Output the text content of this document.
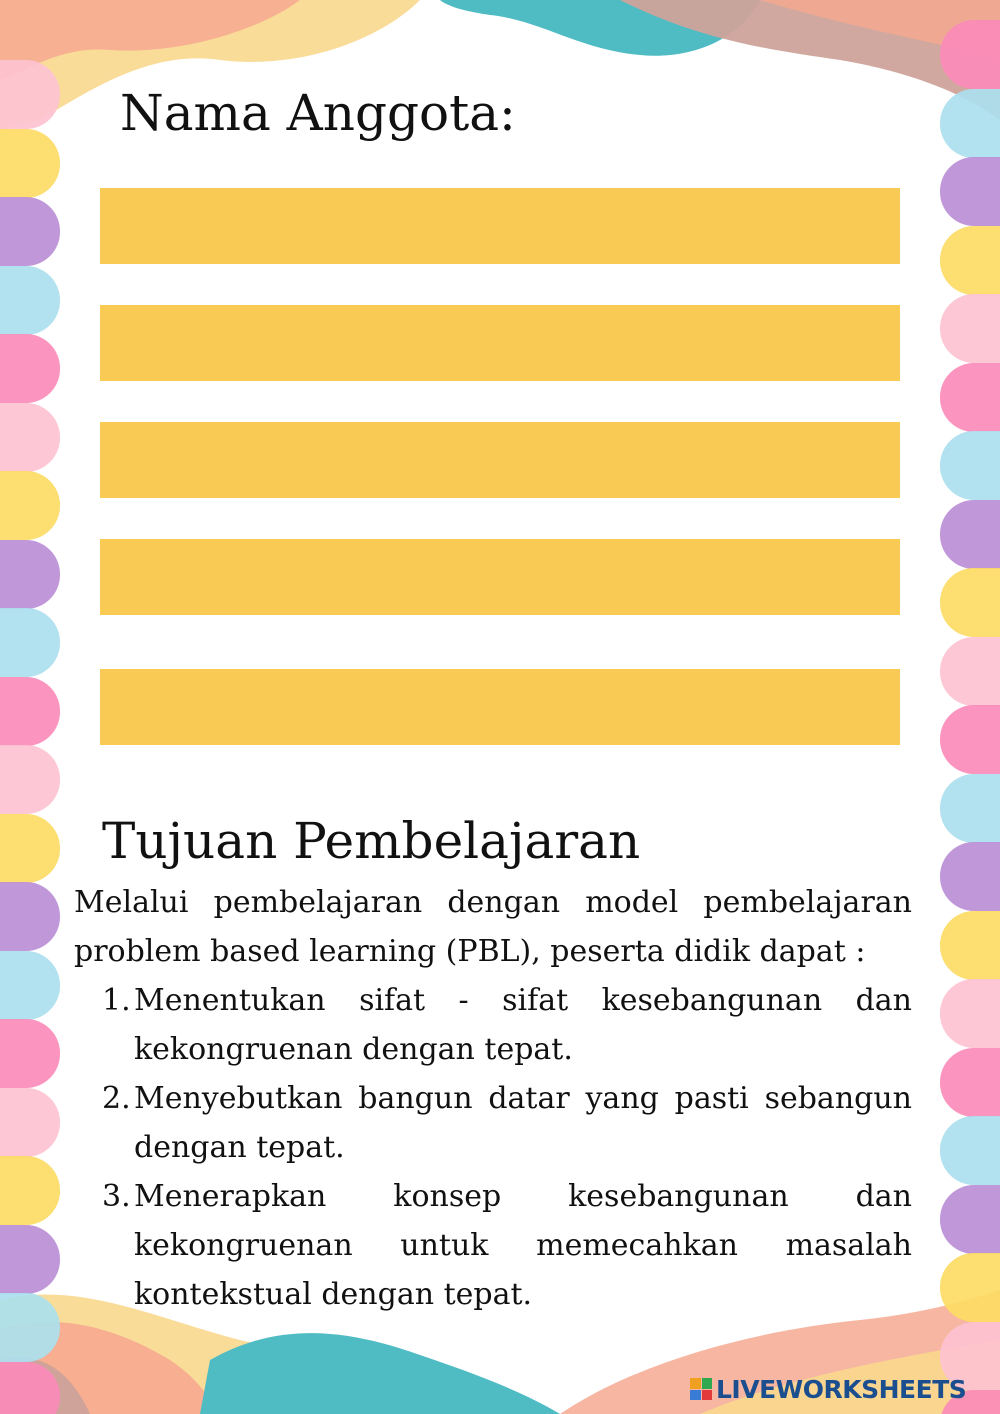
Nama Anggota:
Tujuan Pembelajaran

Melalui pembelajaran dengan model pembelajaran problem based learning (PBL), peserta didik dapat :

1. Menentukan sifat - sifat kesebangunan dan kekongruenan dengan tepat.
2. Menyebutkan bangun datar yang pasti sebangun dengan tepat.
3. Menerapkan konsep kesebangunan dan kekongruenan untuk memecahkan masalah kontekstual dengan tepat.
LIVEWORKSHEETS
